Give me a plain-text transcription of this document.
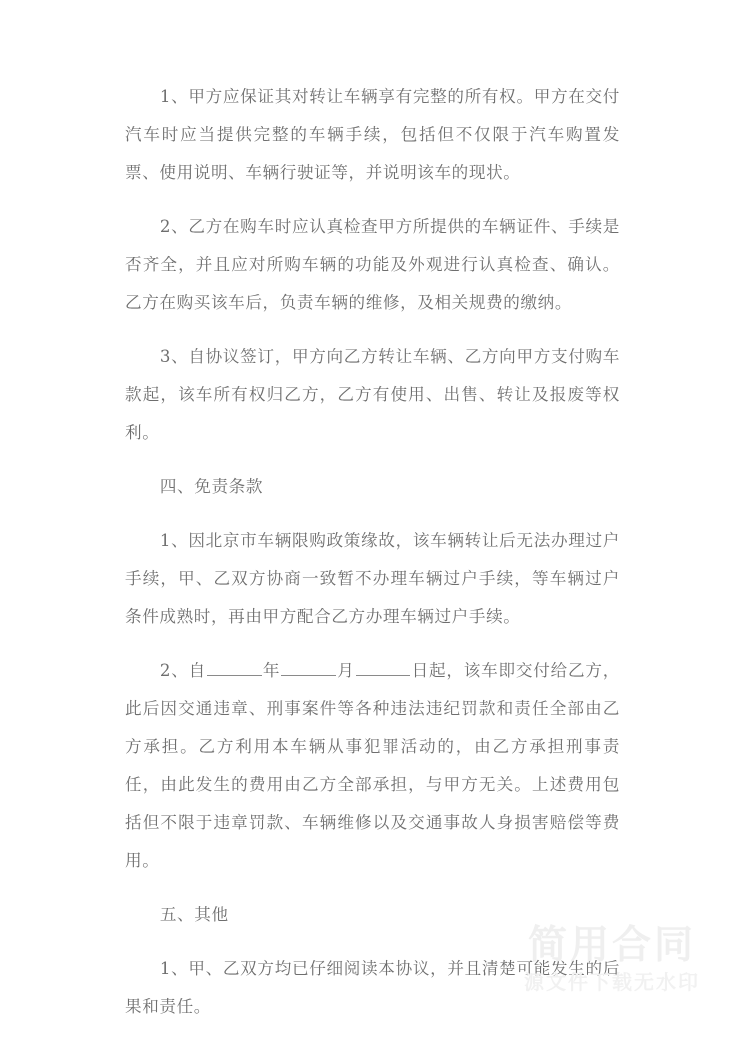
1、甲方应保证其对转让车辆享有完整的所有权。甲方在交付汽车时应当提供完整的车辆手续，包括但不仅限于汽车购置发票、使用说明、车辆行驶证等，并说明该车的现状。

2、乙方在购车时应认真检查甲方所提供的车辆证件、手续是否齐全，并且应对所购车辆的功能及外观进行认真检查、确认。乙方在购买该车后，负责车辆的维修，及相关规费的缴纳。

3、自协议签订，甲方向乙方转让车辆、乙方向甲方支付购车款起，该车所有权归乙方，乙方有使用、出售、转让及报废等权利。

四、免责条款

1、因北京市车辆限购政策缘故，该车辆转让后无法办理过户手续，甲、乙双方协商一致暂不办理车辆过户手续，等车辆过户条件成熟时，再由甲方配合乙方办理车辆过户手续。

2、自	年	月	日起，该车即交付给乙方，此后因交通违章、刑事案件等各种违法违纪罚款和责任全部由乙方承担。乙方利用本车辆从事犯罪活动的，由乙方承担刑事责任，由此发生的费用由乙方全部承担，与甲方无关。上述费用包括但不限于违章罚款、车辆维修以及交通事故人身损害赔偿等费用。

五、其他

1、甲、乙双方均已仔细阅读本协议，并且清楚可能发生的后果和责任。

简用合同
源文件下载无水印
